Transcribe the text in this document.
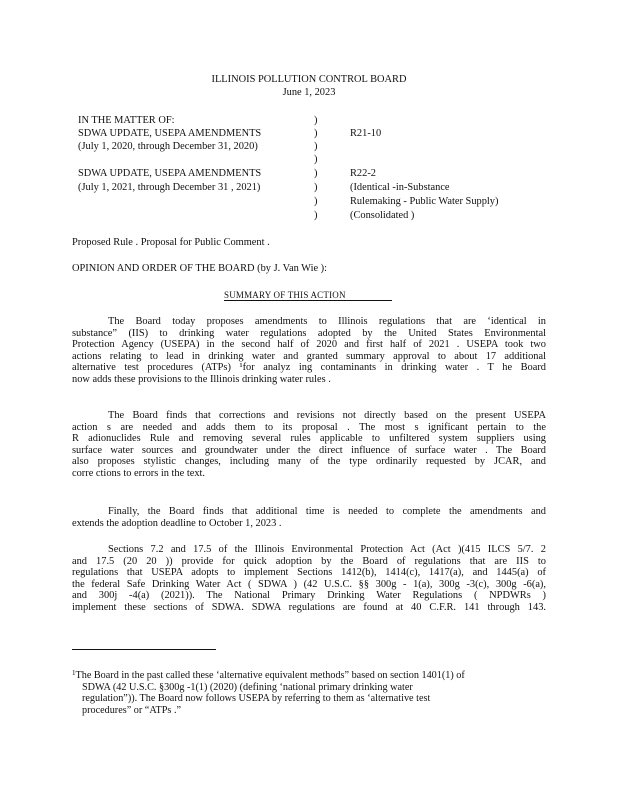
ILLINOIS POLLUTION CONTROL BOARD
June 1, 2023
IN THE MATTER OF:
SDWA UPDATE, USEPA AMENDMENTS
(July 1, 2020, through December 31, 2020)
SDWA UPDATE, USEPA AMENDMENTS
(July 1, 2021, through December 31 , 2021)
)
)
)
)
)
)
)
)
R21-10
R22-2
(Identical -in-Substance
Rulemaking - Public Water Supply)
(Consolidated )
Proposed Rule . Proposal for Public Comment .
OPINION AND ORDER OF THE BOARD (by J. Van Wie ):
SUMMARY OF THIS ACTION
The Board today proposes amendments to Illinois regulations that are ‘identical in
substance” (IIS) to drinking water regulations adopted by the United States Environmental
Protection Agency (USEPA) in the second half of 2020 and first half of 2021 . USEPA took two
actions relating to lead in drinking water and granted summary approval to about 17 additional
alternative test procedures (ATPs) ¹for analyz ing contaminants in drinking water . T he Board
now adds these provisions to the Illinois drinking water rules .
The Board finds that corrections and revisions not directly based on the present USEPA
action s are needed and adds them to its proposal . The most s ignificant pertain to the
R adionuclides Rule and removing several rules applicable to unfiltered system suppliers using
surface water sources and groundwater under the direct influence of surface water . The Board
also proposes stylistic changes, including many of the type ordinarily requested by JCAR, and
corre ctions to errors in the text.
Finally, the Board finds that additional time is needed to complete the amendments and
extends the adoption deadline to October 1, 2023 .
Sections 7.2 and 17.5 of the Illinois Environmental Protection Act (Act )(415 ILCS 5/7. 2
and 17.5 (20 20 )) provide for quick adoption by the Board of regulations that are IIS to
regulations that USEPA adopts to implement Sections 1412(b), 1414(c), 1417(a), and 1445(a) of
the federal Safe Drinking Water Act ( SDWA ) (42 U.S.C. §§ 300g - 1(a), 300g -3(c), 300g -6(a),
and 300j -4(a) (2021)). The National Primary Drinking Water Regulations ( NPDWRs )
implement these sections of SDWA. SDWA regulations are found at 40 C.F.R. 141 through 143.
$^1$The Board in the past called these ‘alternative equivalent methods” based on section 1401(1) of
SDWA (42 U.S.C. §300g -1(1) (2020) (defining ‘national primary drinking water
regulation”)). The Board now follows USEPA by referring to them as ‘alternative test
procedures” or “ATPs .”
